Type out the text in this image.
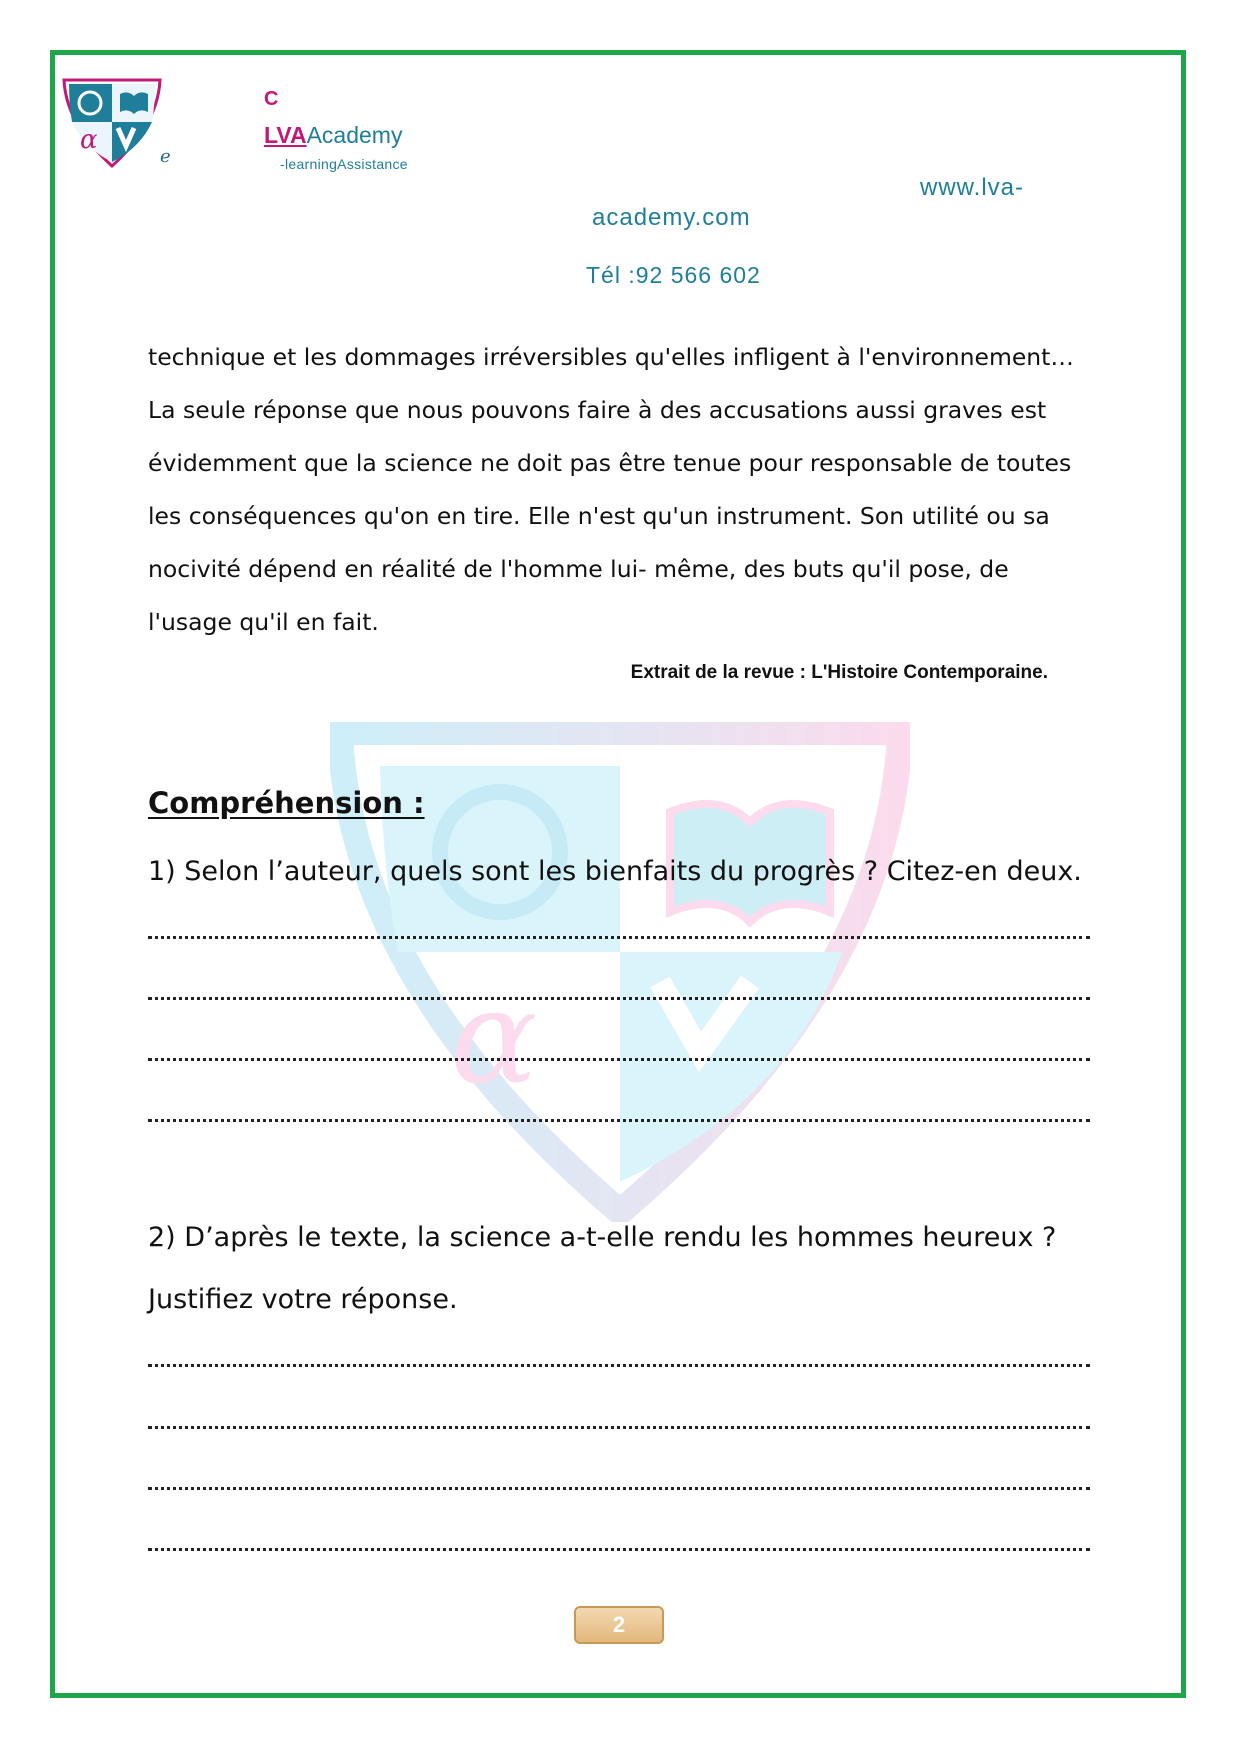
α
e
C
LVAAcademy
-learningAssistance
www.lva-
academy.com
Tél :92 566 602
α

technique et les dommages irréversibles qu'elles infligent à l'environnement…

La seule réponse que nous pouvons faire à des accusations aussi graves est

évidemment que la science ne doit pas être tenue pour responsable de toutes

les conséquences qu'on en tire. Elle n'est qu'un instrument. Son utilité ou sa

nocivité dépend en réalité de l'homme lui- même, des buts qu'il pose, de

l'usage qu'il en fait.

Extrait de la revue : L'Histoire Contemporaine.
Compréhension :
1) Selon l’auteur, quels sont les bienfaits du progrès ? Citez-en deux.
2) D’après le texte, la science a-t-elle rendu les hommes heureux ?
Justifiez votre réponse.
2
